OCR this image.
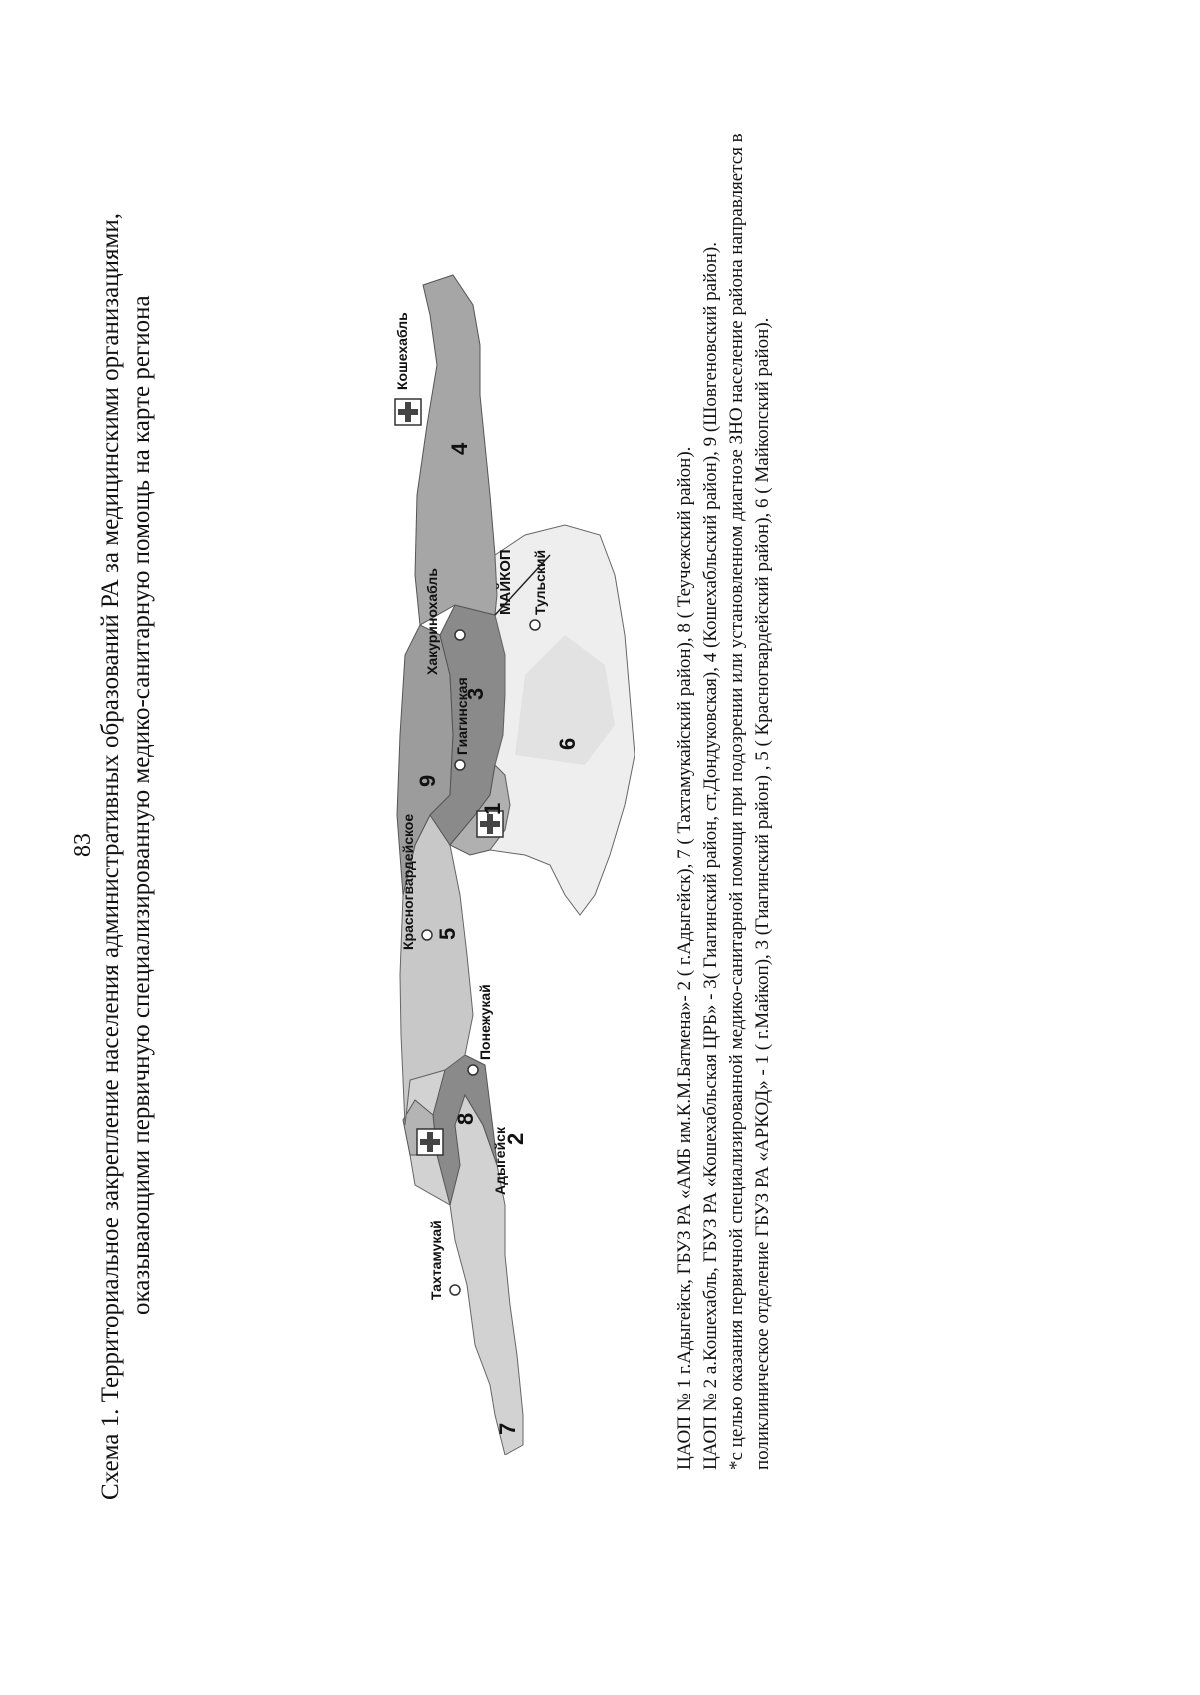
83 Схема 1. Территориальное закрепление населения административных образований РА за медицинскими организациями, оказывающими первичную специализированную медико-санитарную помощь на карте региона
7
2
8
5
9
3
1
6
4
Тахтамукай
Адыгейск
Понежукай
Красногвардейское
Хакуринохабль
Гиагинская
МАЙКОП Тульский
Кошехабль

ЦАОП № 1 г.Адыгейск, ГБУЗ РА «АМБ им.К.М.Батмена»- 2 ( г.Адыгейск), 7 ( Тахтамукайский район), 8 ( Теучежский район). ЦАОП № 2 а.Кошехабль, ГБУЗ РА «Кошехабльская ЦРБ» - 3( Гиагинский район, ст.Дондуковская), 4 (Кошехабльский район), 9 (Шовгеновский район). *с целью оказания первичной специализированной медико-санитарной помощи при подозрении или установленном диагнозе ЗНО население района направляется в поликлиническое отделение ГБУЗ РА «АРКОД» - 1 ( г.Майкоп), 3 (Гиагинский район) , 5 ( Красногвардейский район), 6 ( Майкопский район).
